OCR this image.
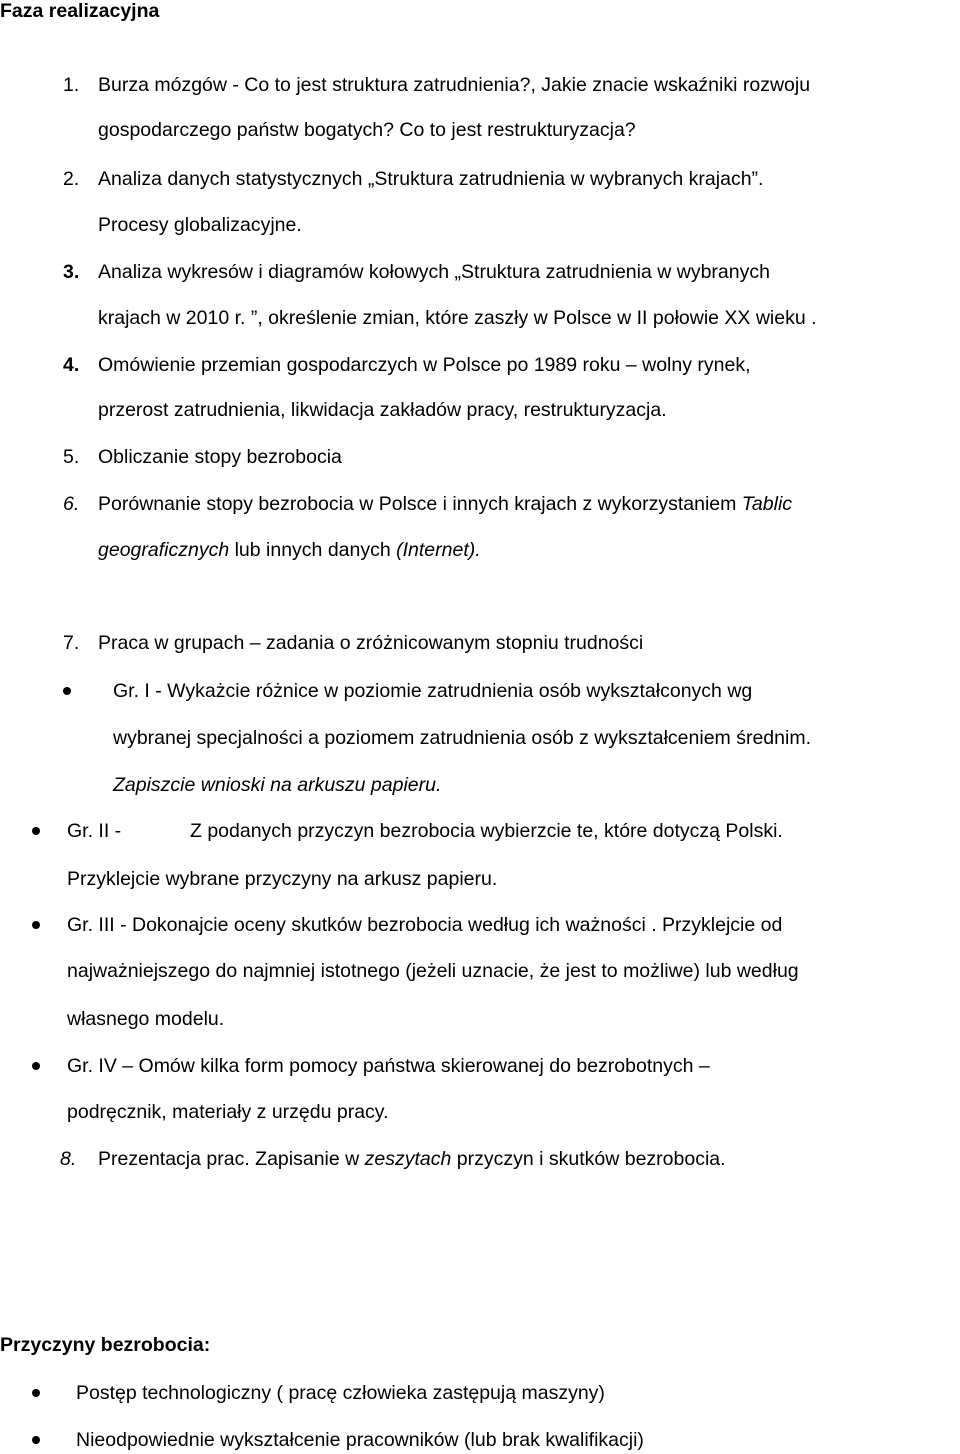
Faza realizacyjna
1. Burza mózgów - Co to jest struktura zatrudnienia?, Jakie znacie wskaźniki rozwoju
gospodarczego państw bogatych? Co to jest restrukturyzacja?
2. Analiza danych statystycznych „Struktura zatrudnienia w wybranych krajach”.
Procesy globalizacyjne.
3. Analiza wykresów i diagramów kołowych „Struktura zatrudnienia w wybranych
krajach w 2010 r. ”, określenie zmian, które zaszły w Polsce w II połowie XX wieku .
4. Omówienie przemian gospodarczych w Polsce po 1989 roku – wolny rynek,
przerost zatrudnienia, likwidacja zakładów pracy, restrukturyzacja.
5. Obliczanie stopy bezrobocia
6. Porównanie stopy bezrobocia w Polsce i innych krajach z wykorzystaniem Tablic
geograficznych lub innych danych (Internet).
7. Praca w grupach – zadania o zróżnicowanym stopniu trudności
Gr. I - Wykażcie różnice w poziomie zatrudnienia osób wykształconych wg
wybranej specjalności a poziomem zatrudnienia osób z wykształceniem średnim.
Zapiszcie wnioski na arkuszu papieru.
Gr. II -	Z podanych przyczyn bezrobocia wybierzcie te, które dotyczą Polski.
Przyklejcie wybrane przyczyny na arkusz papieru.
Gr. III - Dokonajcie oceny skutków bezrobocia według ich ważności . Przyklejcie od
najważniejszego do najmniej istotnego (jeżeli uznacie, że jest to możliwe) lub według
własnego modelu.
Gr. IV – Omów kilka form pomocy państwa skierowanej do bezrobotnych –
podręcznik, materiały z urzędu pracy.
8. Prezentacja prac. Zapisanie w zeszytach przyczyn i skutków bezrobocia.
Przyczyny bezrobocia:
Postęp technologiczny ( pracę człowieka zastępują maszyny)
Nieodpowiednie wykształcenie pracowników (lub brak kwalifikacji)
